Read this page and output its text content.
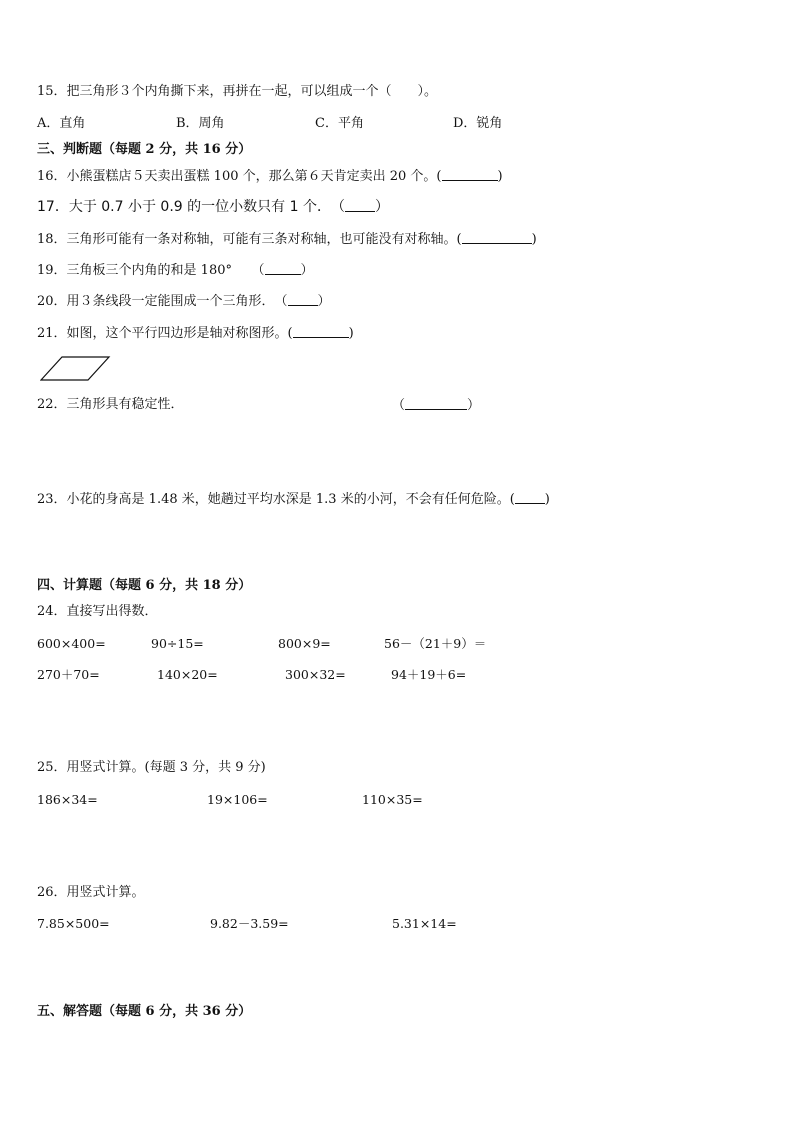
15．把三角形３个内角撕下来，再拼在一起，可以组成一个（　　）。
A．直角	B．周角	C．平角	D．锐角
三、判断题（每题 2 分，共 16 分）
16．小熊蛋糕店５天卖出蛋糕 100 个，那么第６天肯定卖出 20 个。(	)
17．大于 0.7 小于 0.9 的一位小数只有 1 个．　（ ）
18．三角形可能有一条对称轴，可能有三条对称轴，也可能没有对称轴。(	)
19．三角板三个内角的和是 180°　　（	）
20．用３条线段一定能围成一个三角形．　（ ）
21．如图，这个平行四边形是轴对称图形。(	)
22．三角形具有稳定性．	（	）
23．小花的身高是 1.48 米，她趟过平均水深是 1.3 米的小河，不会有任何危险。( )
四、计算题（每题 6 分，共 18 分）
24．直接写出得数．
600×400=	90÷15=	800×9=	56－（21＋9）＝
270＋70=	140×20=	300×32=	94＋19＋6=
25．用竖式计算。(每题 3 分，共 9 分)
186×34=	19×106=	110×35=
26．用竖式计算。
7.85×500=	9.82－3.59=	5.31×14=
五、解答题（每题 6 分，共 36 分）
